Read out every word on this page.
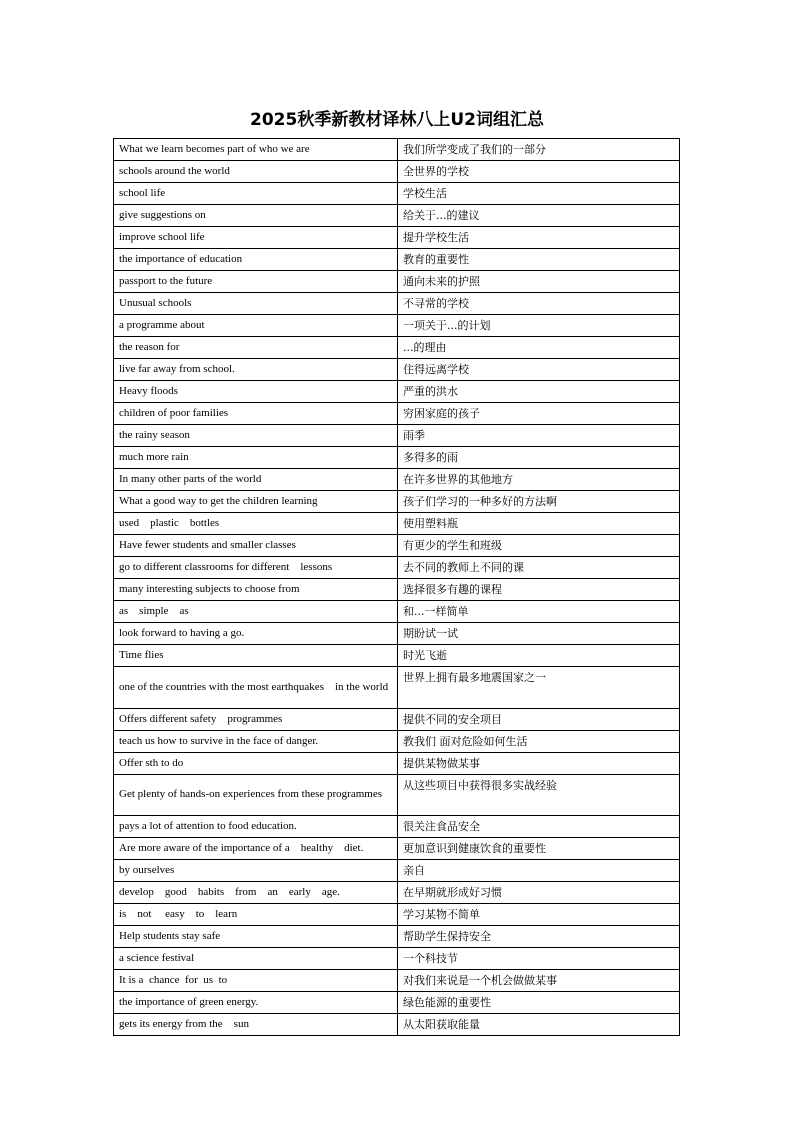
2025秋季新教材译林八上U2词组汇总
What we learn becomes part of who we are	我们所学变成了我们的一部分
schools around the world	全世界的学校
school life	学校生活
give suggestions on	给关于...的建议
improve school life	提升学校生活
the importance of education	教育的重要性
passport to the future	通向未来的护照
Unusual schools	不寻常的学校
a programme about	一项关于...的计划
the reason for	...的理由
live far away from school.	住得远离学校
Heavy floods	严重的洪水
children of poor families	穷困家庭的孩子
the rainy season	雨季
much more rain	多得多的雨
In many other parts of the world	在许多世界的其他地方
What a good way to get the children learning	孩子们学习的一种多好的方法啊
used    plastic    bottles	使用塑料瓶
Have fewer students and smaller classes	有更少的学生和班级
go to different classrooms for different    lessons	去不同的教师上不同的课
many interesting subjects to choose from	选择很多有趣的课程
as    simple    as	和...一样简单
look forward to having a go.	期盼试一试
Time flies	时光飞逝
one of the countries with the most earthquakes    in the world	世界上拥有最多地震国家之一
Offers different safety    programmes	提供不同的安全项目
teach us how to survive in the face of danger.	教我们 面对危险如何生活
Offer sth to do	提供某物做某事
Get plenty of hands-on experiences from these programmes	从这些项目中获得很多实战经验
pays a lot of attention to food education.	很关注食品安全
Are more aware of the importance of a    healthy    diet.	更加意识到健康饮食的重要性
by ourselves	亲自
develop    good    habits    from    an    early    age.	在早期就形成好习惯
is    not     easy    to    learn	学习某物不简单
Help students stay safe	帮助学生保持安全
a science festival	一个科技节
It is a  chance  for  us  to	对我们来说是一个机会做做某事
the importance of green energy.	绿色能源的重要性
gets its energy from the    sun	从太阳获取能量
